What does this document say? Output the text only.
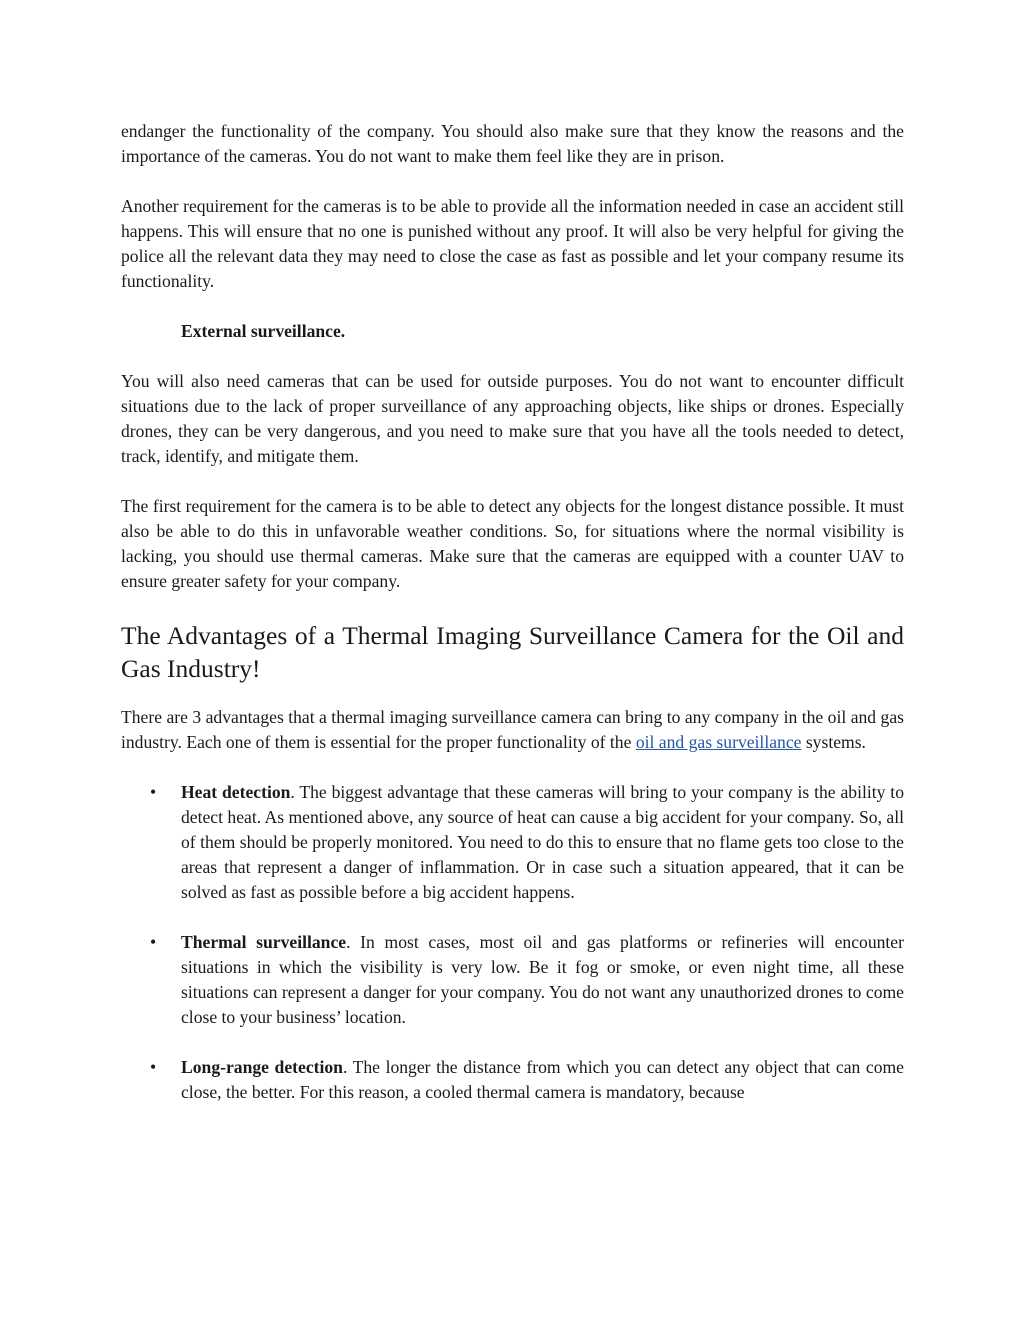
endanger the functionality of the company. You should also make sure that they know the reasons and the importance of the cameras. You do not want to make them feel like they are in prison.

Another requirement for the cameras is to be able to provide all the information needed in case an accident still happens. This will ensure that no one is punished without any proof. It will also be very helpful for giving the police all the relevant data they may need to close the case as fast as possible and let your company resume its functionality.

External surveillance.

You will also need cameras that can be used for outside purposes. You do not want to encounter difficult situations due to the lack of proper surveillance of any approaching objects, like ships or drones. Especially drones, they can be very dangerous, and you need to make sure that you have all the tools needed to detect, track, identify, and mitigate them.

The first requirement for the camera is to be able to detect any objects for the longest distance possible. It must also be able to do this in unfavorable weather conditions. So, for situations where the normal visibility is lacking, you should use thermal cameras. Make sure that the cameras are equipped with a counter UAV to ensure greater safety for your company.

The Advantages of a Thermal Imaging Surveillance Camera for the Oil and Gas Industry!

There are 3 advantages that a thermal imaging surveillance camera can bring to any company in the oil and gas industry. Each one of them is essential for the proper functionality of the oil and gas surveillance systems.

• Heat detection. The biggest advantage that these cameras will bring to your company is the ability to detect heat. As mentioned above, any source of heat can cause a big accident for your company. So, all of them should be properly monitored. You need to do this to ensure that no flame gets too close to the areas that represent a danger of inflammation. Or in case such a situation appeared, that it can be solved as fast as possible before a big accident happens.

• Thermal surveillance. In most cases, most oil and gas platforms or refineries will encounter situations in which the visibility is very low. Be it fog or smoke, or even night time, all these situations can represent a danger for your company. You do not want any unauthorized drones to come close to your business’ location.

• Long-range detection. The longer the distance from which you can detect any object that can come close, the better. For this reason, a cooled thermal camera is mandatory, because
